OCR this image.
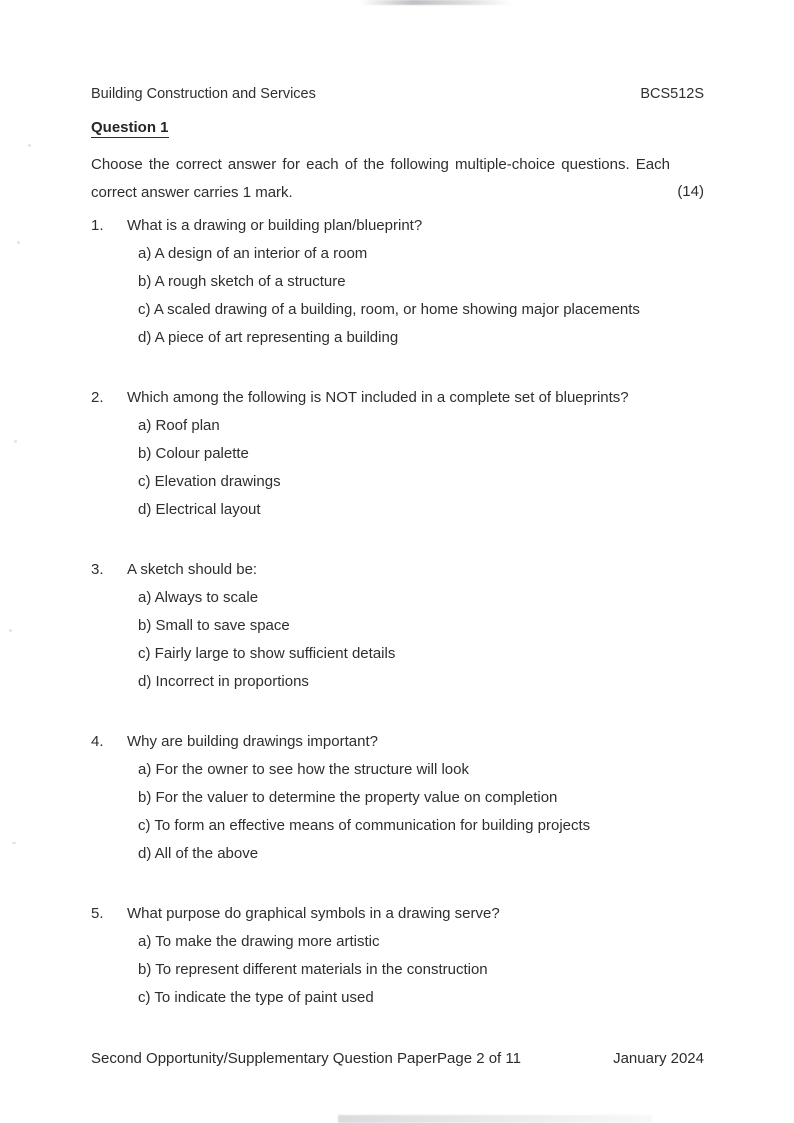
Building Construction and Services	BCS512S
Question 1
Choose the correct answer for each of the following multiple-choice questions. Each correct answer carries 1 mark.	(14)
1.	What is a drawing or building plan/blueprint?
a) A design of an interior of a room
b) A rough sketch of a structure
c) A scaled drawing of a building, room, or home showing major placements
d) A piece of art representing a building
2.	Which among the following is NOT included in a complete set of blueprints?
a) Roof plan
b) Colour palette
c) Elevation drawings
d) Electrical layout
3.	A sketch should be:
a) Always to scale
b) Small to save space
c) Fairly large to show sufficient details
d) Incorrect in proportions
4.	Why are building drawings important?
a) For the owner to see how the structure will look
b) For the valuer to determine the property value on completion
c) To form an effective means of communication for building projects
d) All of the above
5.	What purpose do graphical symbols in a drawing serve?
a) To make the drawing more artistic
b) To represent different materials in the construction
c) To indicate the type of paint used
Second Opportunity/Supplementary Question Paper Page 2 of 11	January 2024
